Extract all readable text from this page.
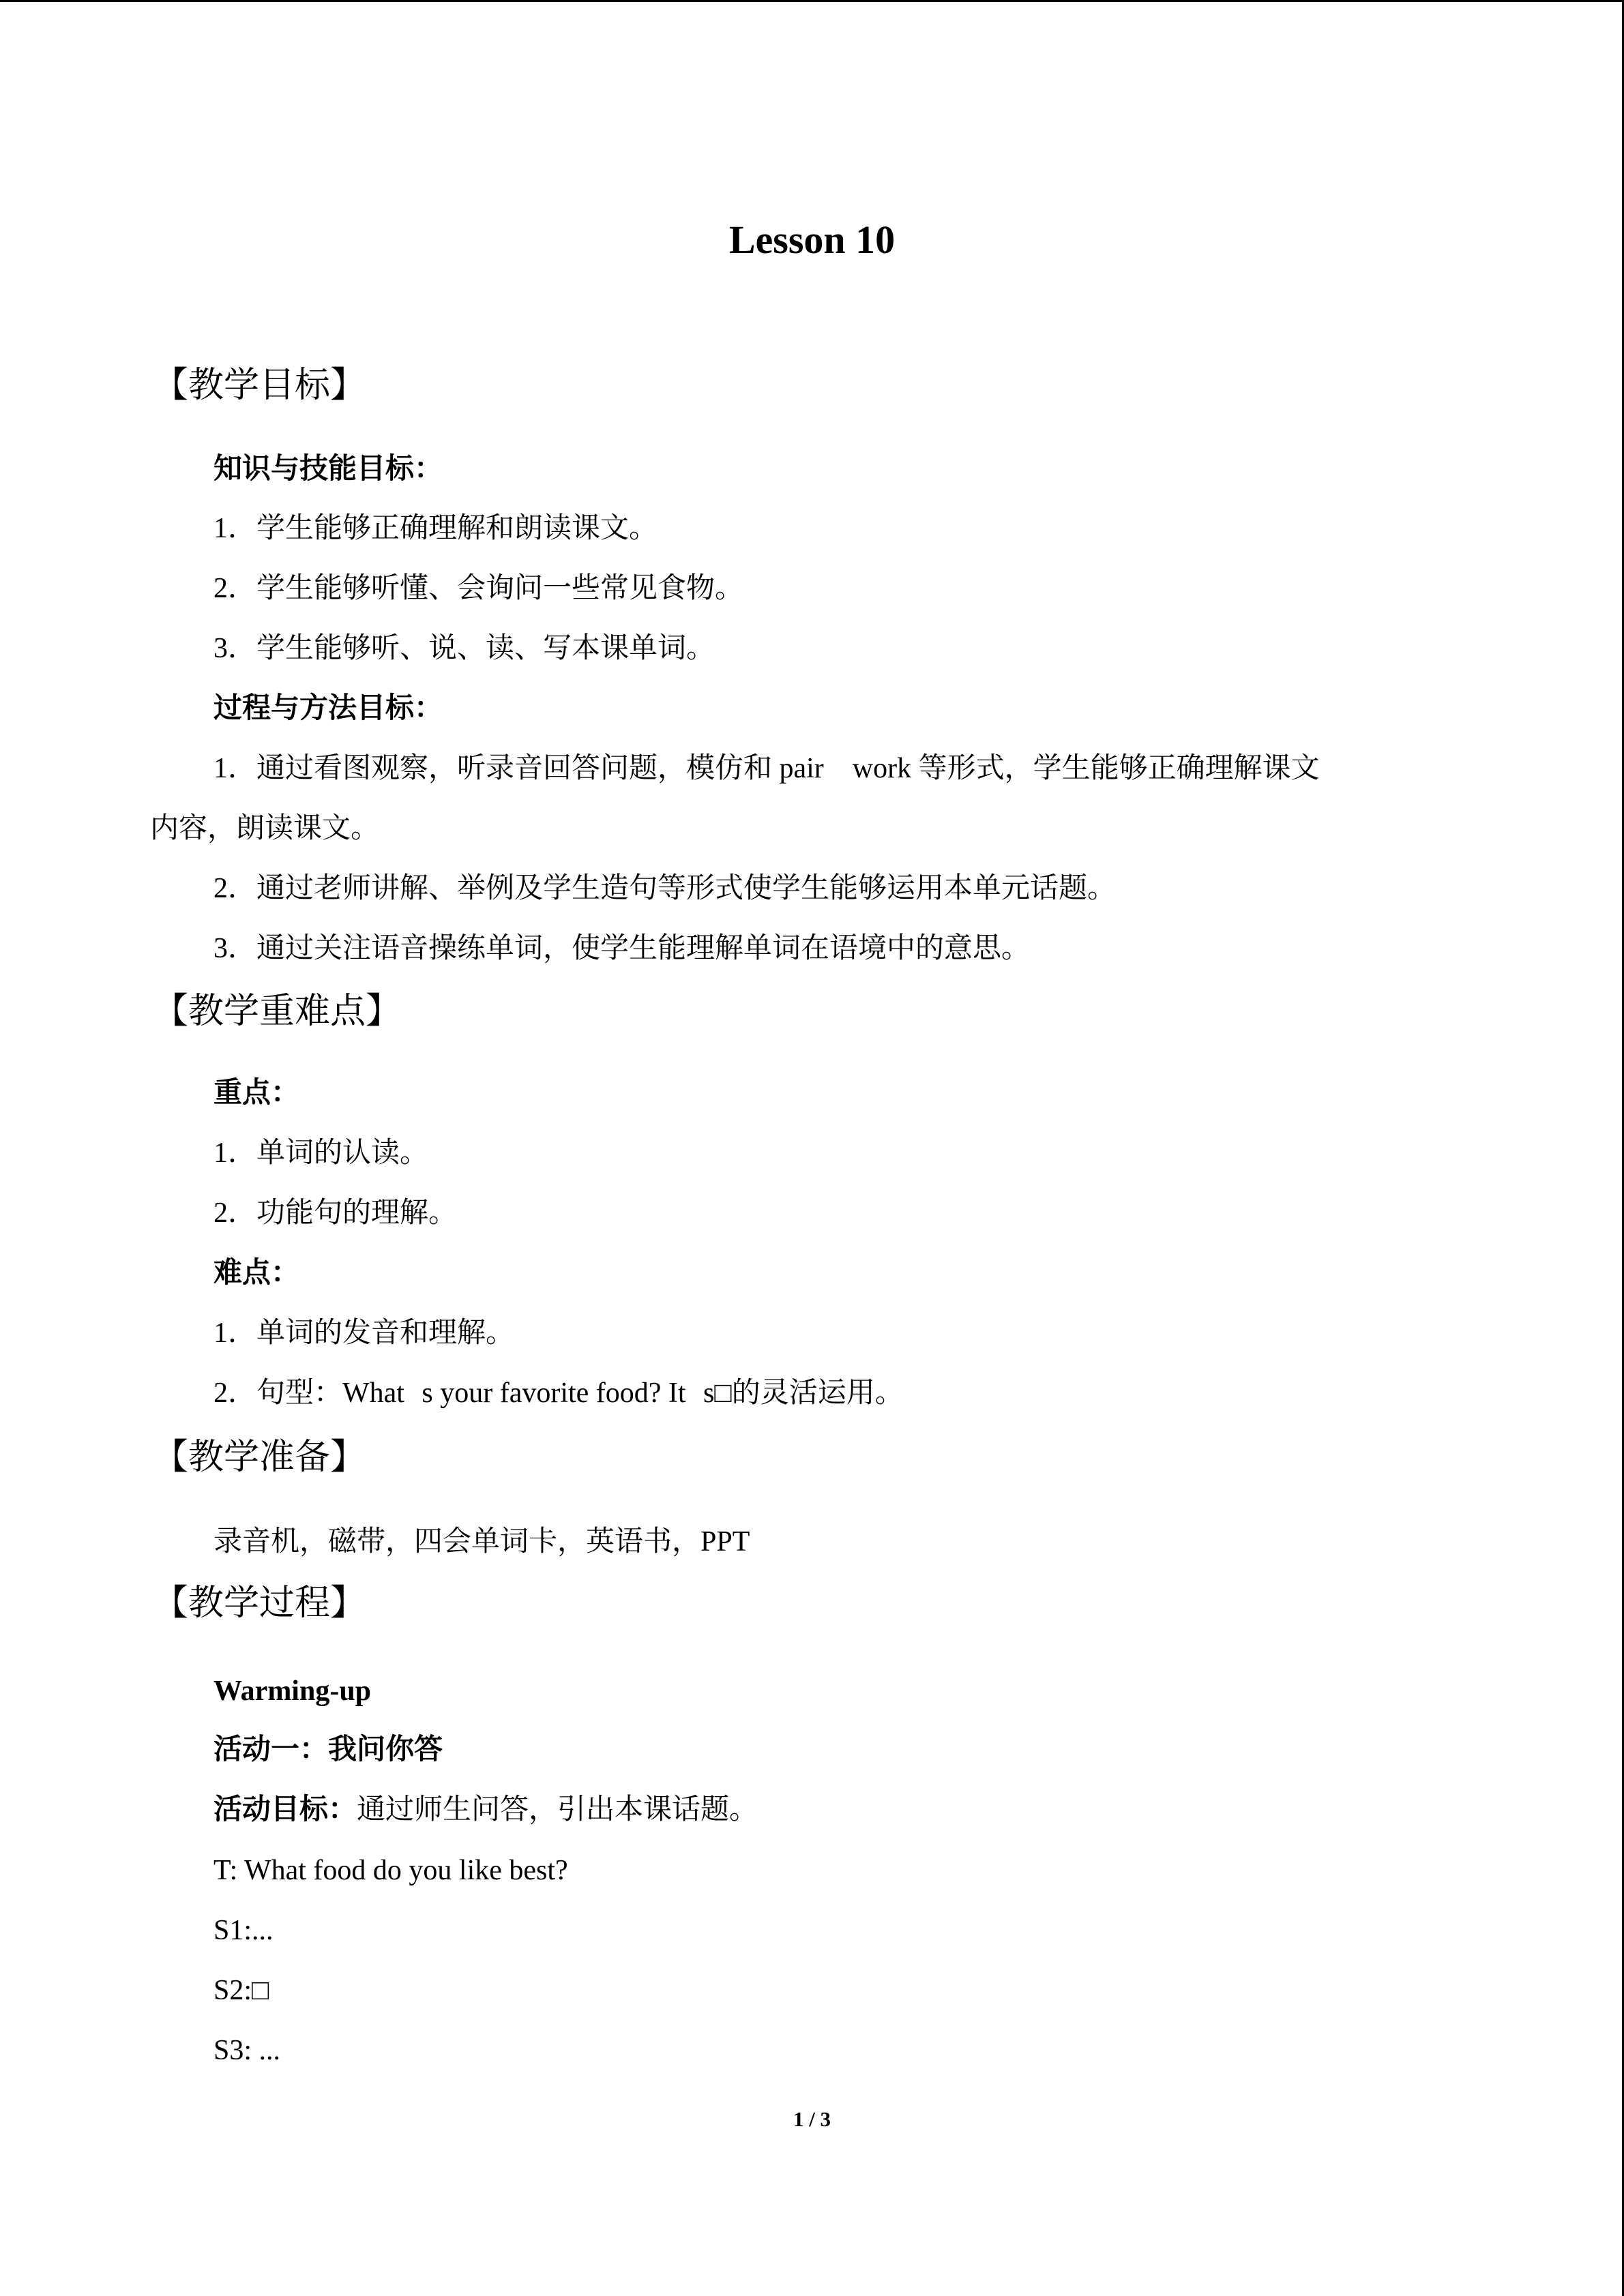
Lesson 10
【教学目标】
知识与技能目标：
1．学生能够正确理解和朗读课文。
2．学生能够听懂、会询问一些常见食物。
3．学生能够听、说、读、写本课单词。
过程与方法目标：
1．通过看图观察，听录音回答问题，模仿和 pair　work 等形式，学生能够正确理解课文
内容，朗读课文。
2．通过老师讲解、举例及学生造句等形式使学生能够运用本单元话题。
3．通过关注语音操练单词，使学生能理解单词在语境中的意思。
【教学重难点】
重点：
1．单词的认读。
2．功能句的理解。
难点：
1．单词的发音和理解。
2．句型：Whats your favorite food? Its□的灵活运用。
【教学准备】
录音机，磁带，四会单词卡，英语书，PPT
【教学过程】
Warming-up
活动一：我问你答
活动目标：通过师生问答，引出本课话题。
T: What food do you like best?
S1:...
S2:□
S3: ...
1 / 3
